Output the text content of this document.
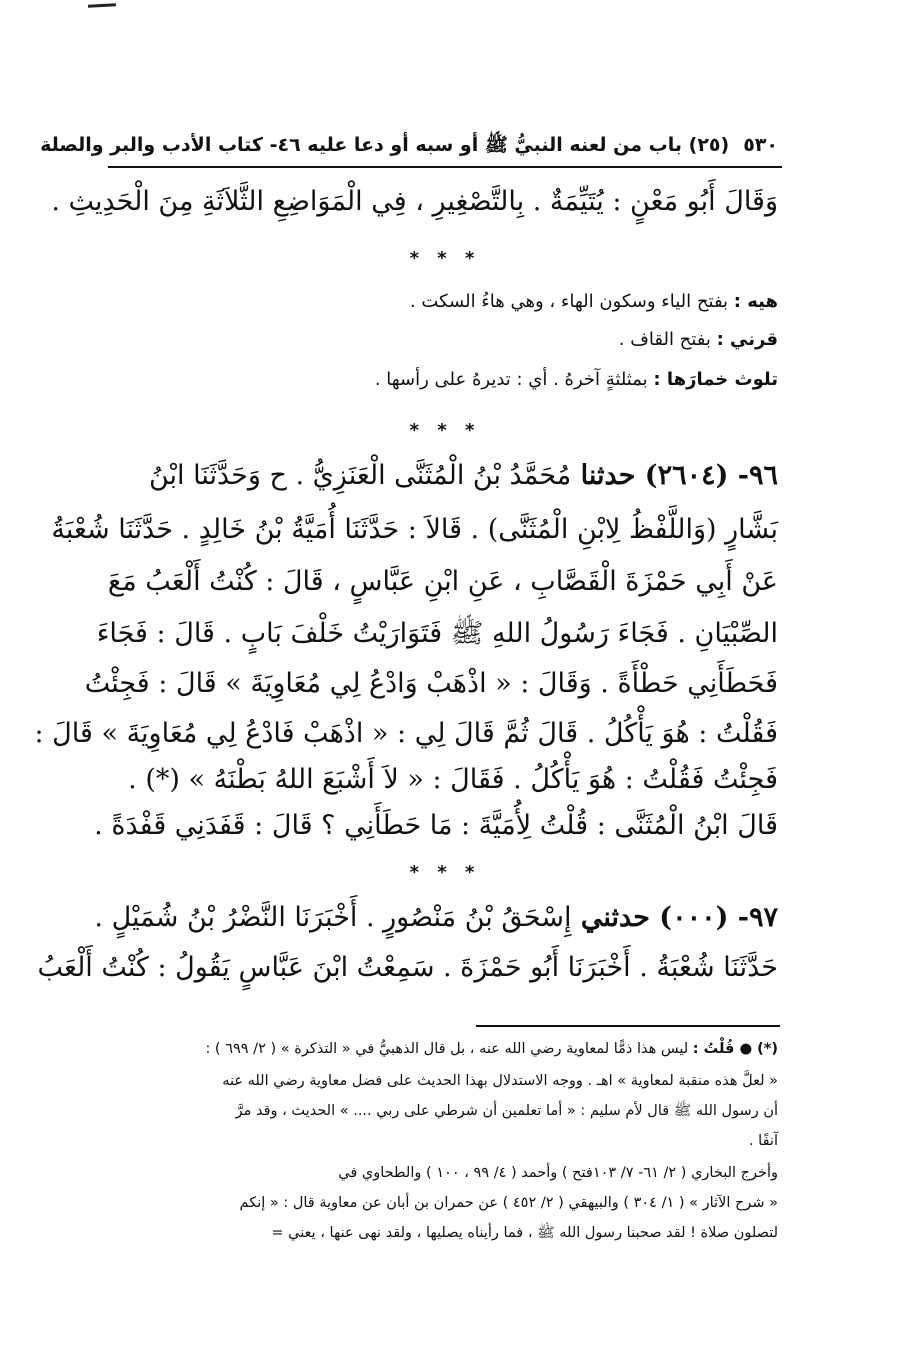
٥٣٠(٢٥) باب من لعنه النبيُّ ﷺ أو سبه أو دعا عليه ٤٦- كتاب الأدب والبر والصلة
وَقَالَ أَبُو مَعْنٍ : يُتَيِّمَةٌ . بِالتَّصْغِيرِ ، فِي الْمَوَاضِعِ الثَّلاَثَةِ مِنَ الْحَدِيثِ .
* * *
هيه : بفتح الياء وسكون الهاء ، وهي هاءُ السكت .
قرني : بفتح القاف .
تلوث خمارَها : بمثلثةٍ آخرهُ . أي : تديرهُ على رأسها .
* * *
٩٦- (٢٦٠٤) حدثنا مُحَمَّدُ بْنُ الْمُثَنَّى الْعَنَزِيُّ . ح وَحَدَّثَنَا ابْنُ
بَشَّارٍ (وَاللَّفْظُ لِابْنِ الْمُثَنَّى) . قَالاَ : حَدَّثَنَا أُمَيَّةُ بْنُ خَالِدٍ . حَدَّثَنَا شُعْبَةُ
عَنْ أَبِي حَمْزَةَ الْقَصَّابِ ، عَنِ ابْنِ عَبَّاسٍ ، قَالَ : كُنْتُ أَلْعَبُ مَعَ
الصِّبْيَانِ . فَجَاءَ رَسُولُ اللهِ ﷺ فَتَوَارَيْتُ خَلْفَ بَابٍ . قَالَ : فَجَاءَ
فَحَطَأَنِي حَطْأَةً . وَقَالَ : « اذْهَبْ وَادْعُ لِي مُعَاوِيَةَ » قَالَ : فَجِئْتُ
فَقُلْتُ : هُوَ يَأْكُلُ . قَالَ ثُمَّ قَالَ لِي : « اذْهَبْ فَادْعُ لِي مُعَاوِيَةَ » قَالَ :
فَجِئْتُ فَقُلْتُ : هُوَ يَأْكُلُ . فَقَالَ : « لاَ أَشْبَعَ اللهُ بَطْنَهُ » (*) .
قَالَ ابْنُ الْمُثَنَّى : قُلْتُ لِأُمَيَّةَ : مَا حَطَأَنِي ؟ قَالَ : قَفَدَنِي قَفْدَةً .
* * *
٩٧- (٠٠٠) حدثني إِسْحَقُ بْنُ مَنْصُورٍ . أَخْبَرَنَا النَّضْرُ بْنُ شُمَيْلٍ .
حَدَّثَنَا شُعْبَةُ . أَخْبَرَنَا أَبُو حَمْزَةَ . سَمِعْتُ ابْنَ عَبَّاسٍ يَقُولُ : كُنْتُ أَلْعَبُ
(*) ● قُلْتُ : ليس هذا ذمًّا لمعاوية رضي الله عنه ، بل قال الذهبيُّ في « التذكرة » ( ٢/ ٦٩٩ ) :
« لعلَّ هذه منقبة لمعاوية » اهـ . ووجه الاستدلال بهذا الحديث على فضل معاوية رضي الله عنه
أن رسول الله ﷺ قال لأم سليم : « أما تعلمين أن شرطي على ربي .... » الحديث ، وقد مرَّ
آنفًا .
وأخرج البخاري ( ٢/ ٦١- ٧/ ١٠٣فتح ) وأحمد ( ٤/ ٩٩ ، ١٠٠ ) والطحاوي في
« شرح الآثار » ( ١/ ٣٠٤ ) والبيهقي ( ٢/ ٤٥٢ ) عن حمران بن أبان عن معاوية قال : « إنكم
لتصلون صلاة ! لقد صحبنا رسول الله ﷺ ، فما رأيناه يصليها ، ولقد نهى عنها ، يعني =
